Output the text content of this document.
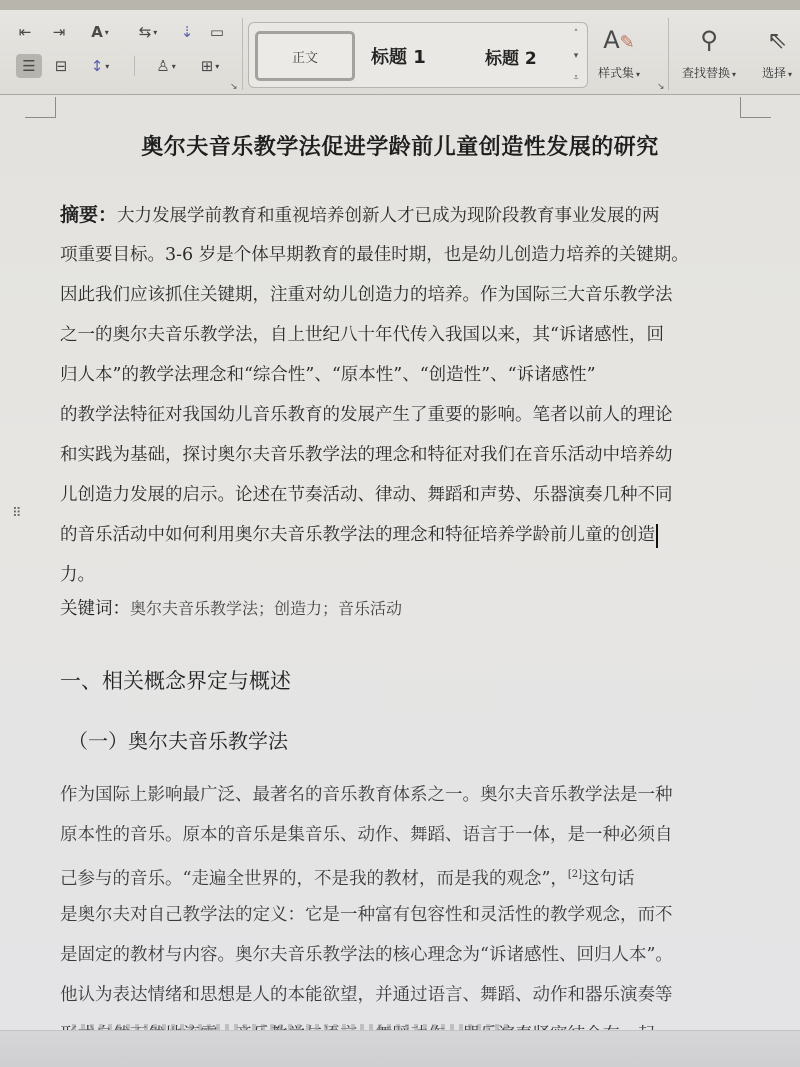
⇤	⇥	A ▾ ⇆ ▾	⇣	▭
☰	⊟	↕ ▾	♙ ▾ ⊞ ▾
↘
正文	标题 1	标题 2
˄
▾
⩡
A✎
样式集 ▾
↘
⚲
查找替换 ▾
⇖
选择 ▾
奥尔夫音乐教学法促进学龄前儿童创造性发展的研究
摘要：大力发展学前教育和重视培养创新人才已成为现阶段教育事业发展的两
项重要目标。3-6 岁是个体早期教育的最佳时期，也是幼儿创造力培养的关键期。
因此我们应该抓住关键期，注重对幼儿创造力的培养。作为国际三大音乐教学法
之一的奥尔夫音乐教学法，自上世纪八十年代传入我国以来，其“诉诸感性，回
归人本”的教学法理念和“综合性”、“原本性”、“创造性”、“诉诸感性”
的教学法特征对我国幼儿音乐教育的发展产生了重要的影响。笔者以前人的理论
和实践为基础，探讨奥尔夫音乐教学法的理念和特征对我们在音乐活动中培养幼
儿创造力发展的启示。论述在节奏活动、律动、舞蹈和声势、乐器演奏几种不同
的音乐活动中如何利用奥尔夫音乐教学法的理念和特征培养学龄前儿童的创造
力。
⠿
关键词：奥尔夫音乐教学法；创造力；音乐活动
一、相关概念界定与概述
（一）奥尔夫音乐教学法
作为国际上影响最广泛、最著名的音乐教育体系之一。奥尔夫音乐教学法是一种
原本性的音乐。原本的音乐是集音乐、动作、舞蹈、语言于一体，是一种必须自
己参与的音乐。“走遍全世界的，不是我的教材，而是我的观念”，[2]这句话
是奥尔夫对自己教学法的定义：它是一种富有包容性和灵活性的教学观念，而不
是固定的教材与内容。奥尔夫音乐教学法的核心理念为“诉诸感性、回归人本”。
他认为表达情绪和思想是人的本能欲望，并通过语言、舞蹈、动作和器乐演奏等
